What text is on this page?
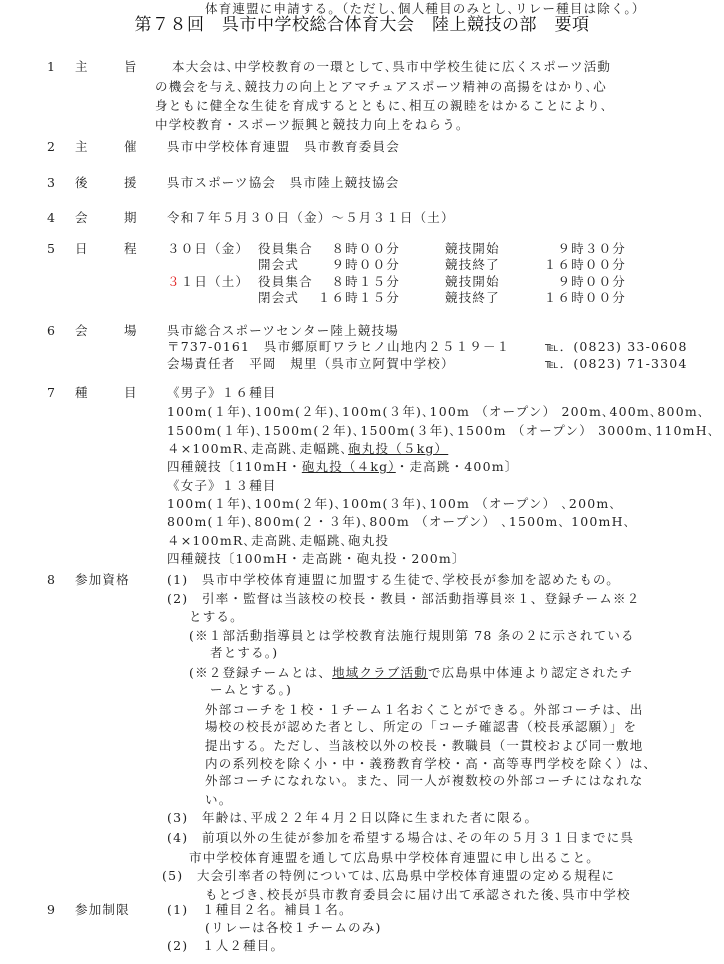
第７８回　呉市中学校総合体育大会　陸上競技の部　要項
1 主	旨	本大会は､中学校教育の一環として､呉市中学校生徒に広くスポーツ活動
の機会を与え､競技力の向上とアマチュアスポーツ精神の高揚をはかり､心
身ともに健全な生徒を育成するとともに､相互の親睦をはかることにより､
中学校教育・スポーツ振興と競技力向上をねらう。
2 主	催 呉市中学校体育連盟　呉市教育委員会
3 後	援 呉市スポーツ協会　呉市陸上競技協会
4 会	期 令和７年５月３０日（金）～５月３１日（土）
5 日	程 ３０日（金） 役員集合	８時００分	競技開始	９時３０分
開会式	９時００分	競技終了	１６時００分
３１日（土） 役員集合	８時１５分	競技開始	９時００分
閉会式	１６時１５分	競技終了	１６時００分
6 会	場 呉市総合スポーツセンター陸上競技場
〒737-0161　呉市郷原町ワラヒノ山地内２５１９－１	℡．(0823) 33-0608
会場責任者　平岡　規里（呉市立阿賀中学校）	℡．(0823) 71-3304
7 種	目 《男子》１６種目
100m(１年)､100m(２年)､100m(３年)､100m （オープン） 200m､400m､800m､
1500m(１年)､1500m(２年)､1500m(３年)､1500m （オープン） 3000m､110mH､
４×100mR､走高跳､走幅跳､砲丸投（５kg）
四種競技〔110mH・砲丸投（４kg）・走高跳・400m〕
《女子》１３種目
100m(１年)､100m(２年)､100m(３年)､100m （オープン） ､200m､
800m(１年)､800m(２・３年)､800m （オープン） ､1500m､ 100mH､
４×100mR､走高跳､走幅跳､砲丸投
四種競技〔100mH・走高跳・砲丸投・200m〕
8 参加資格	(1)　呉市中学校体育連盟に加盟する生徒で､学校長が参加を認めたもの。
(2)　引率・監督は当該校の校長・教員・部活動指導員※１、登録チーム※２
とする。
(※１部活動指導員とは学校教育法施行規則第 78 条の２に示されている
者とする。)
(※２登録チームとは、地域クラブ活動で広島県中体連より認定されたチ
ームとする。)
外部コーチを１校・１チーム１名おくことができる。外部コーチは、出
場校の校長が認めた者とし、所定の「コーチ確認書（校長承認願）」を
提出する。ただし、当該校以外の校長・教職員（一貫校および同一敷地
内の系列校を除く小・中・義務教育学校・高・高等専門学校を除く）は、
外部コーチになれない。また、同一人が複数校の外部コーチにはなれな
い。
(3)　年齢は､平成２２年４月２日以降に生まれた者に限る。
(4)　前項以外の生徒が参加を希望する場合は､その年の５月３１日までに呉
市中学校体育連盟を通して広島県中学校体育連盟に申し出ること。
(5)　大会引率者の特例については､広島県中学校体育連盟の定める規程に
もとづき､校長が呉市教育委員会に届け出て承認された後､呉市中学校
体育連盟に申請する。（ただし､個人種目のみとし､リレー種目は除く。）
9 参加制限	(1)　１種目２名。補員１名。
(リレーは各校１チームのみ)
(2)　１人２種目。
